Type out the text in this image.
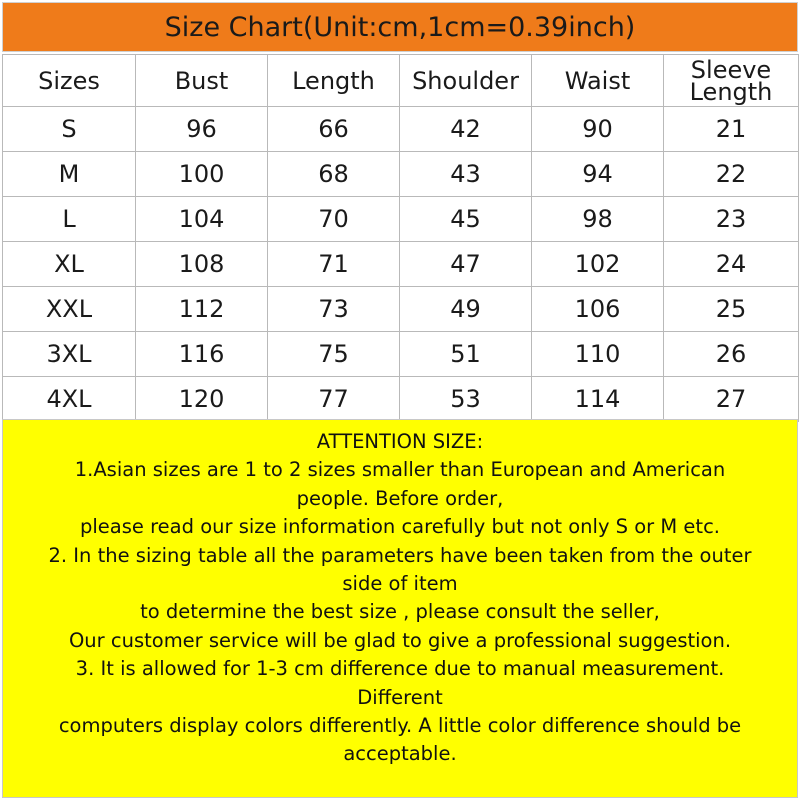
Size Chart(Unit:cm,1cm=0.39inch)
Sizes	Bust	Length	Shoulder	Waist	Sleeve
Length
S	96	66	42	90	21
M	100	68	43	94	22
L	104	70	45	98	23
XL	108	71	47	102	24
XXL	112	73	49	106	25
3XL	116	75	51	110	26
4XL	120	77	53	114	27
ATTENTION SIZE:
1.Asian sizes are 1 to 2 sizes smaller than European and American
people. Before order,
please read our size information carefully but not only S or M etc.
2. In the sizing table all the parameters have been taken from the outer
side of item
to determine the best size , please consult the seller,
Our customer service will be glad to give a professional suggestion.
3. It is allowed for 1-3 cm difference due to manual measurement.
Different
computers display colors differently. A little color difference should be
acceptable.
